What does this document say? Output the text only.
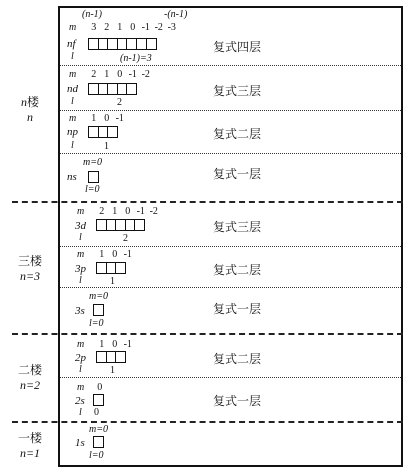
n楼
n
三楼
n=3
二楼
n=2
一楼
n=1
(n-1)	-(n-1)
m 3 2 1 0 -1 -2 -3
nf
l	(n-1)=3
复式四层
m 2 1 0 -1 -2
nd
l	2
复式三层
m 1 0 -1
np
l	1
复式二层
m=0
ns
l=0
复式一层
m 2 1 0 -1 -2
3d
l	2
复式三层
m 1 0 -1
3p
l	1
复式二层
m=0
3s
l=0
复式一层
m 1 0 -1
2p
l	1
复式二层
m 0
2s
l 0
复式一层
m=0
1s
l=0
